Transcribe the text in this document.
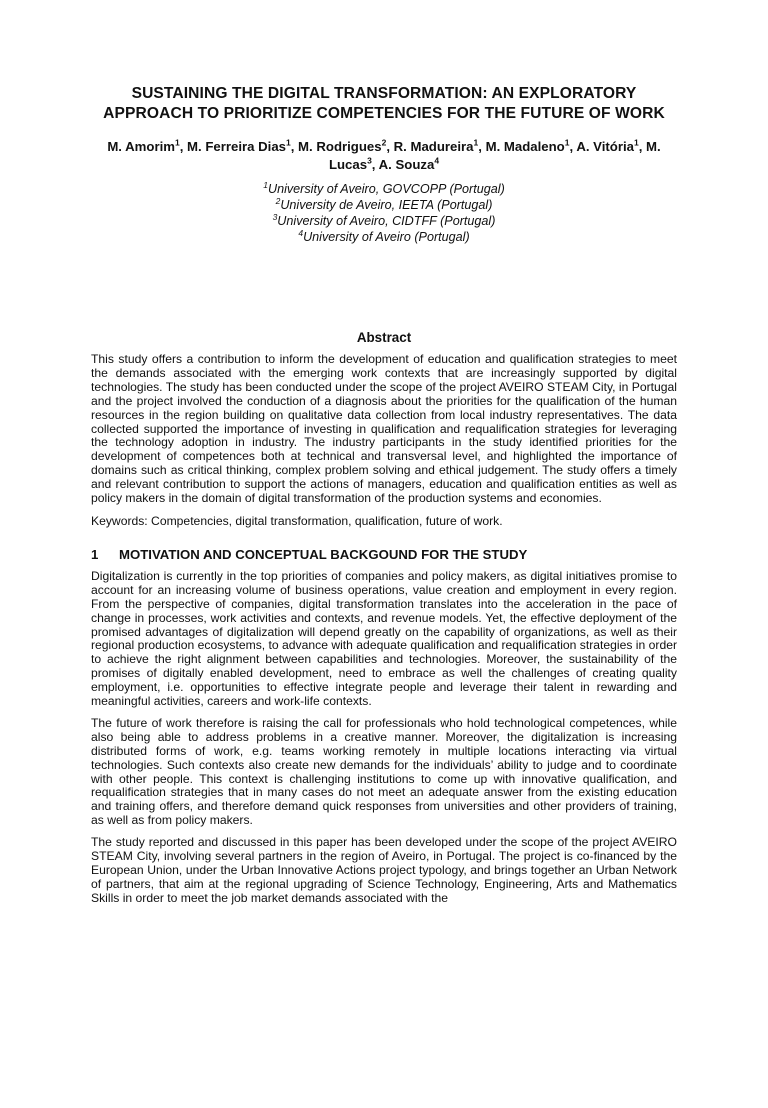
SUSTAINING THE DIGITAL TRANSFORMATION: AN EXPLORATORY APPROACH TO PRIORITIZE COMPETENCIES FOR THE FUTURE OF WORK
M. Amorim$^1$, M. Ferreira Dias$^1$, M. Rodrigues$^2$, R. Madureira$^1$, M. Madaleno$^1$, A. Vitória$^1$, M. Lucas$^3$, A. Souza$^4$
$^1$University of Aveiro, GOVCOPP (Portugal)
$^2$University de Aveiro, IEETA (Portugal)
$^3$University of Aveiro, CIDTFF (Portugal)
$^4$University of Aveiro (Portugal)
Abstract

This study offers a contribution to inform the development of education and qualification strategies to meet the demands associated with the emerging work contexts that are increasingly supported by digital technologies. The study has been conducted under the scope of the project AVEIRO STEAM City, in Portugal and the project involved the conduction of a diagnosis about the priorities for the qualification of the human resources in the region building on qualitative data collection from local industry representatives. The data collected supported the importance of investing in qualification and requalification strategies for leveraging the technology adoption in industry. The industry participants in the study identified priorities for the development of competences both at technical and transversal level, and highlighted the importance of domains such as critical thinking, complex problem solving and ethical judgement. The study offers a timely and relevant contribution to support the actions of managers, education and qualification entities as well as policy makers in the domain of digital transformation of the production systems and economies.

Keywords: Competencies, digital transformation, qualification, future of work.

1	MOTIVATION AND CONCEPTUAL BACKGOUND FOR THE STUDY

Digitalization is currently in the top priorities of companies and policy makers, as digital initiatives promise to account for an increasing volume of business operations, value creation and employment in every region. From the perspective of companies, digital transformation translates into the acceleration in the pace of change in processes, work activities and contexts, and revenue models. Yet, the effective deployment of the promised advantages of digitalization will depend greatly on the capability of organizations, as well as their regional production ecosystems, to advance with adequate qualification and requalification strategies in order to achieve the right alignment between capabilities and technologies. Moreover, the sustainability of the promises of digitally enabled development, need to embrace as well the challenges of creating quality employment, i.e. opportunities to effective integrate people and leverage their talent in rewarding and meaningful activities, careers and work-life contexts.

The future of work therefore is raising the call for professionals who hold technological competences, while also being able to address problems in a creative manner. Moreover, the digitalization is increasing distributed forms of work, e.g. teams working remotely in multiple locations interacting via virtual technologies. Such contexts also create new demands for the individuals’ ability to judge and to coordinate with other people. This context is challenging institutions to come up with innovative qualification, and requalification strategies that in many cases do not meet an adequate answer from the existing education and training offers, and therefore demand quick responses from universities and other providers of training, as well as from policy makers.

The study reported and discussed in this paper has been developed under the scope of the project AVEIRO STEAM City, involving several partners in the region of Aveiro, in Portugal. The project is co-financed by the European Union, under the Urban Innovative Actions project typology, and brings together an Urban Network of partners, that aim at the regional upgrading of Science Technology, Engineering, Arts and Mathematics Skills in order to meet the job market demands associated with the
